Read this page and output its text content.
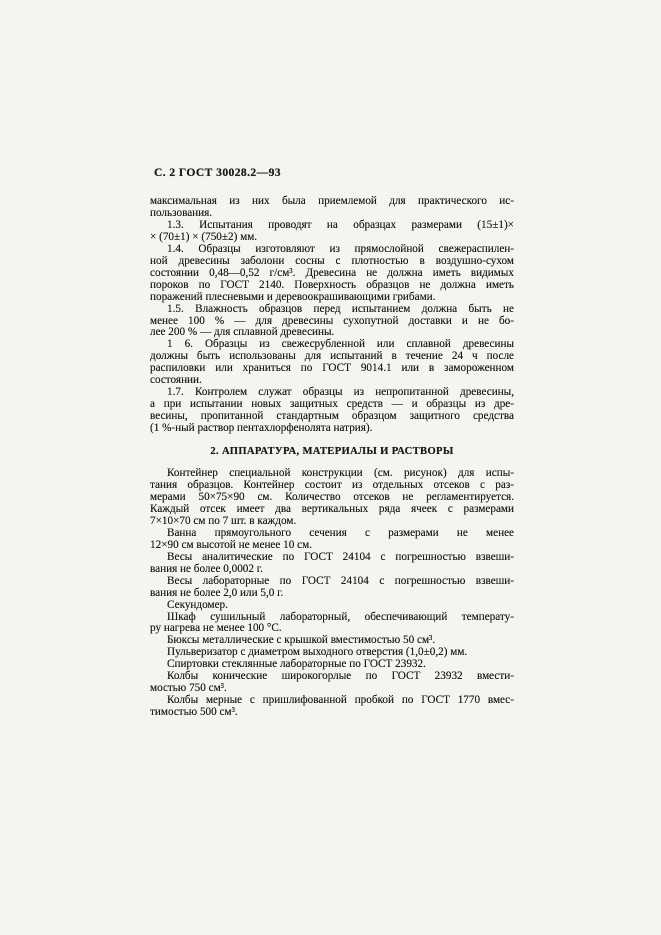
С. 2 ГОСТ 30028.2—93
максимальная из них была приемлемой для практического ис-
пользования.
1.3. Испытания проводят на образцах размерами (15±1)×
× (70±1) × (750±2) мм.
1.4. Образцы изготовляют из прямослойной свежераспилен-
ной древесины заболони сосны с плотностью в воздушно-сухом
состоянии 0,48—0,52 г/см³. Древесина не должна иметь видимых
пороков по ГОСТ 2140. Поверхность образцов не должна иметь
поражений плесневыми и деревоокрашивающими грибами.
1.5. Влажность образцов перед испытанием должна быть не
менее 100 % — для древесины сухопутной доставки и не бо-
лее 200 % — для сплавной древесины.
1 6. Образцы из свежесрубленной или сплавной древесины
должны быть использованы для испытаний в течение 24 ч после
распиловки или храниться по ГОСТ 9014.1 или в замороженном
состоянии.
1.7. Контролем служат образцы из непропитанной древесины,
а при испытании новых защитных средств — и образцы из дре-
весины, пропитанной стандартным образцом защитного средства
(1 %-ный раствор пентахлорфенолята натрия).
2. АППАРАТУРА, МАТЕРИАЛЫ И РАСТВОРЫ
Контейнер специальной конструкции (см. рисунок) для испы-
тания образцов. Контейнер состоит из отдельных отсеков с раз-
мерами 50×75×90 см. Количество отсеков не регламентируется.
Каждый отсек имеет два вертикальных ряда ячеек с размерами
7×10×70 см по 7 шт. в каждом.
Ванна прямоугольного сечения с размерами не менее
12×90 см высотой не менее 10 см.
Весы аналитические по ГОСТ 24104 с погрешностью взвеши-
вания не более 0,0002 г.
Весы лабораторные по ГОСТ 24104 с погрешностью взвеши-
вания не более 2,0 или 5,0 г.
Секундомер.
Шкаф сушильный лабораторный, обеспечивающий температу-
ру нагрева не менее 100 °С.
Бюксы металлические с крышкой вместимостью 50 см³.
Пульверизатор с диаметром выходного отверстия (1,0±0,2) мм.
Спиртовки стеклянные лабораторные по ГОСТ 23932.
Колбы конические широкогорлые по ГОСТ 23932 вмести-
мостью 750 см³.
Колбы мерные с пришлифованной пробкой по ГОСТ 1770 вмес-
тимостью 500 см³.
